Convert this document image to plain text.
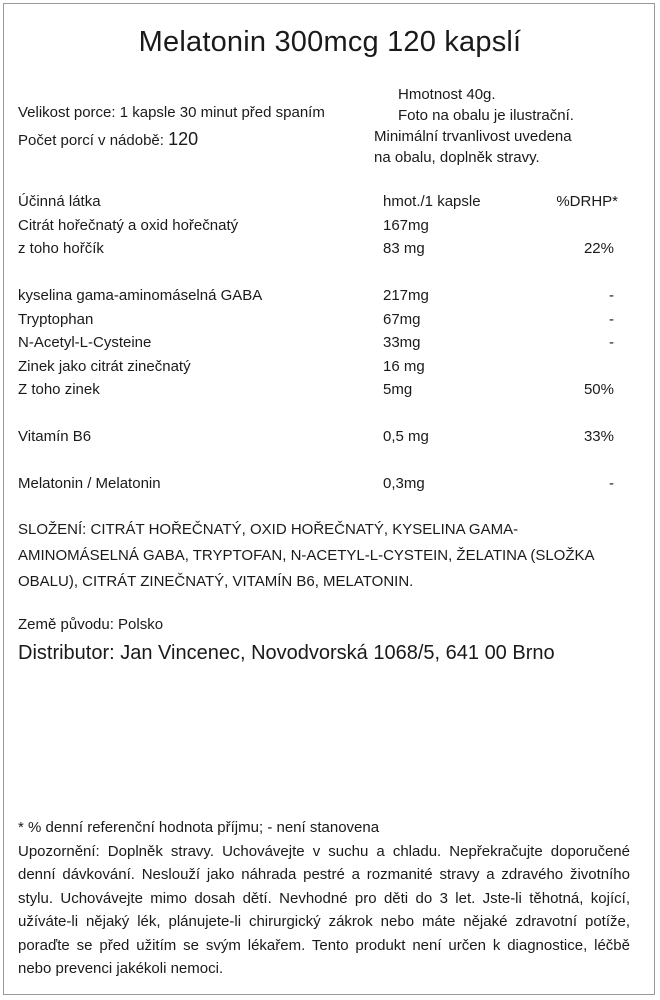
Melatonin 300mcg 120 kapslí
Velikost porce: 1 kapsle 30 minut před spaním
Počet porcí v nádobě: 120
Hmotnost 40g.
Foto na obalu je ilustrační.
Minimální trvanlivost uvedena
na obalu, doplněk stravy.
Účinná látka	hmot./1 kapsle	%DRHP*
Citrát hořečnatý a oxid hořečnatý	167mg
z toho hořčík	83 mg	22%
kyselina gama-aminomáselná GABA	217mg	-
Tryptophan	67mg	-
N-Acetyl-L-Cysteine	33mg	-
Zinek jako citrát zinečnatý	16 mg
Z toho zinek	5mg	50%
Vitamín B6	0,5 mg	33%
Melatonin / Melatonin	0,3mg	-
SLOŽENÍ: CITRÁT HOŘEČNATÝ, OXID HOŘEČNATÝ, KYSELINA GAMA-
AMINOMÁSELNÁ GABA, TRYPTOFAN, N-ACETYL-L-CYSTEIN, ŽELATINA (SLOŽKA
OBALU), CITRÁT ZINEČNATÝ, VITAMÍN B6, MELATONIN.
Země původu: Polsko
Distributor: Jan Vincenec, Novodvorská 1068/5, 641 00 Brno
* % denní referenční hodnota příjmu; - není stanovena
Upozornění: Doplněk stravy. Uchovávejte v suchu a chladu. Nepřekračujte doporučené denní dávkování. Neslouží jako náhrada pestré a rozmanité stravy a zdravého životního stylu. Uchovávejte mimo dosah dětí. Nevhodné pro děti do 3 let. Jste-li těhotná, kojící, užíváte-li nějaký lék, plánujete-li chirurgický zákrok nebo máte nějaké zdravotní potíže, poraďte se před užitím se svým lékařem. Tento produkt není určen k diagnostice, léčbě nebo prevenci jakékoli nemoci.
